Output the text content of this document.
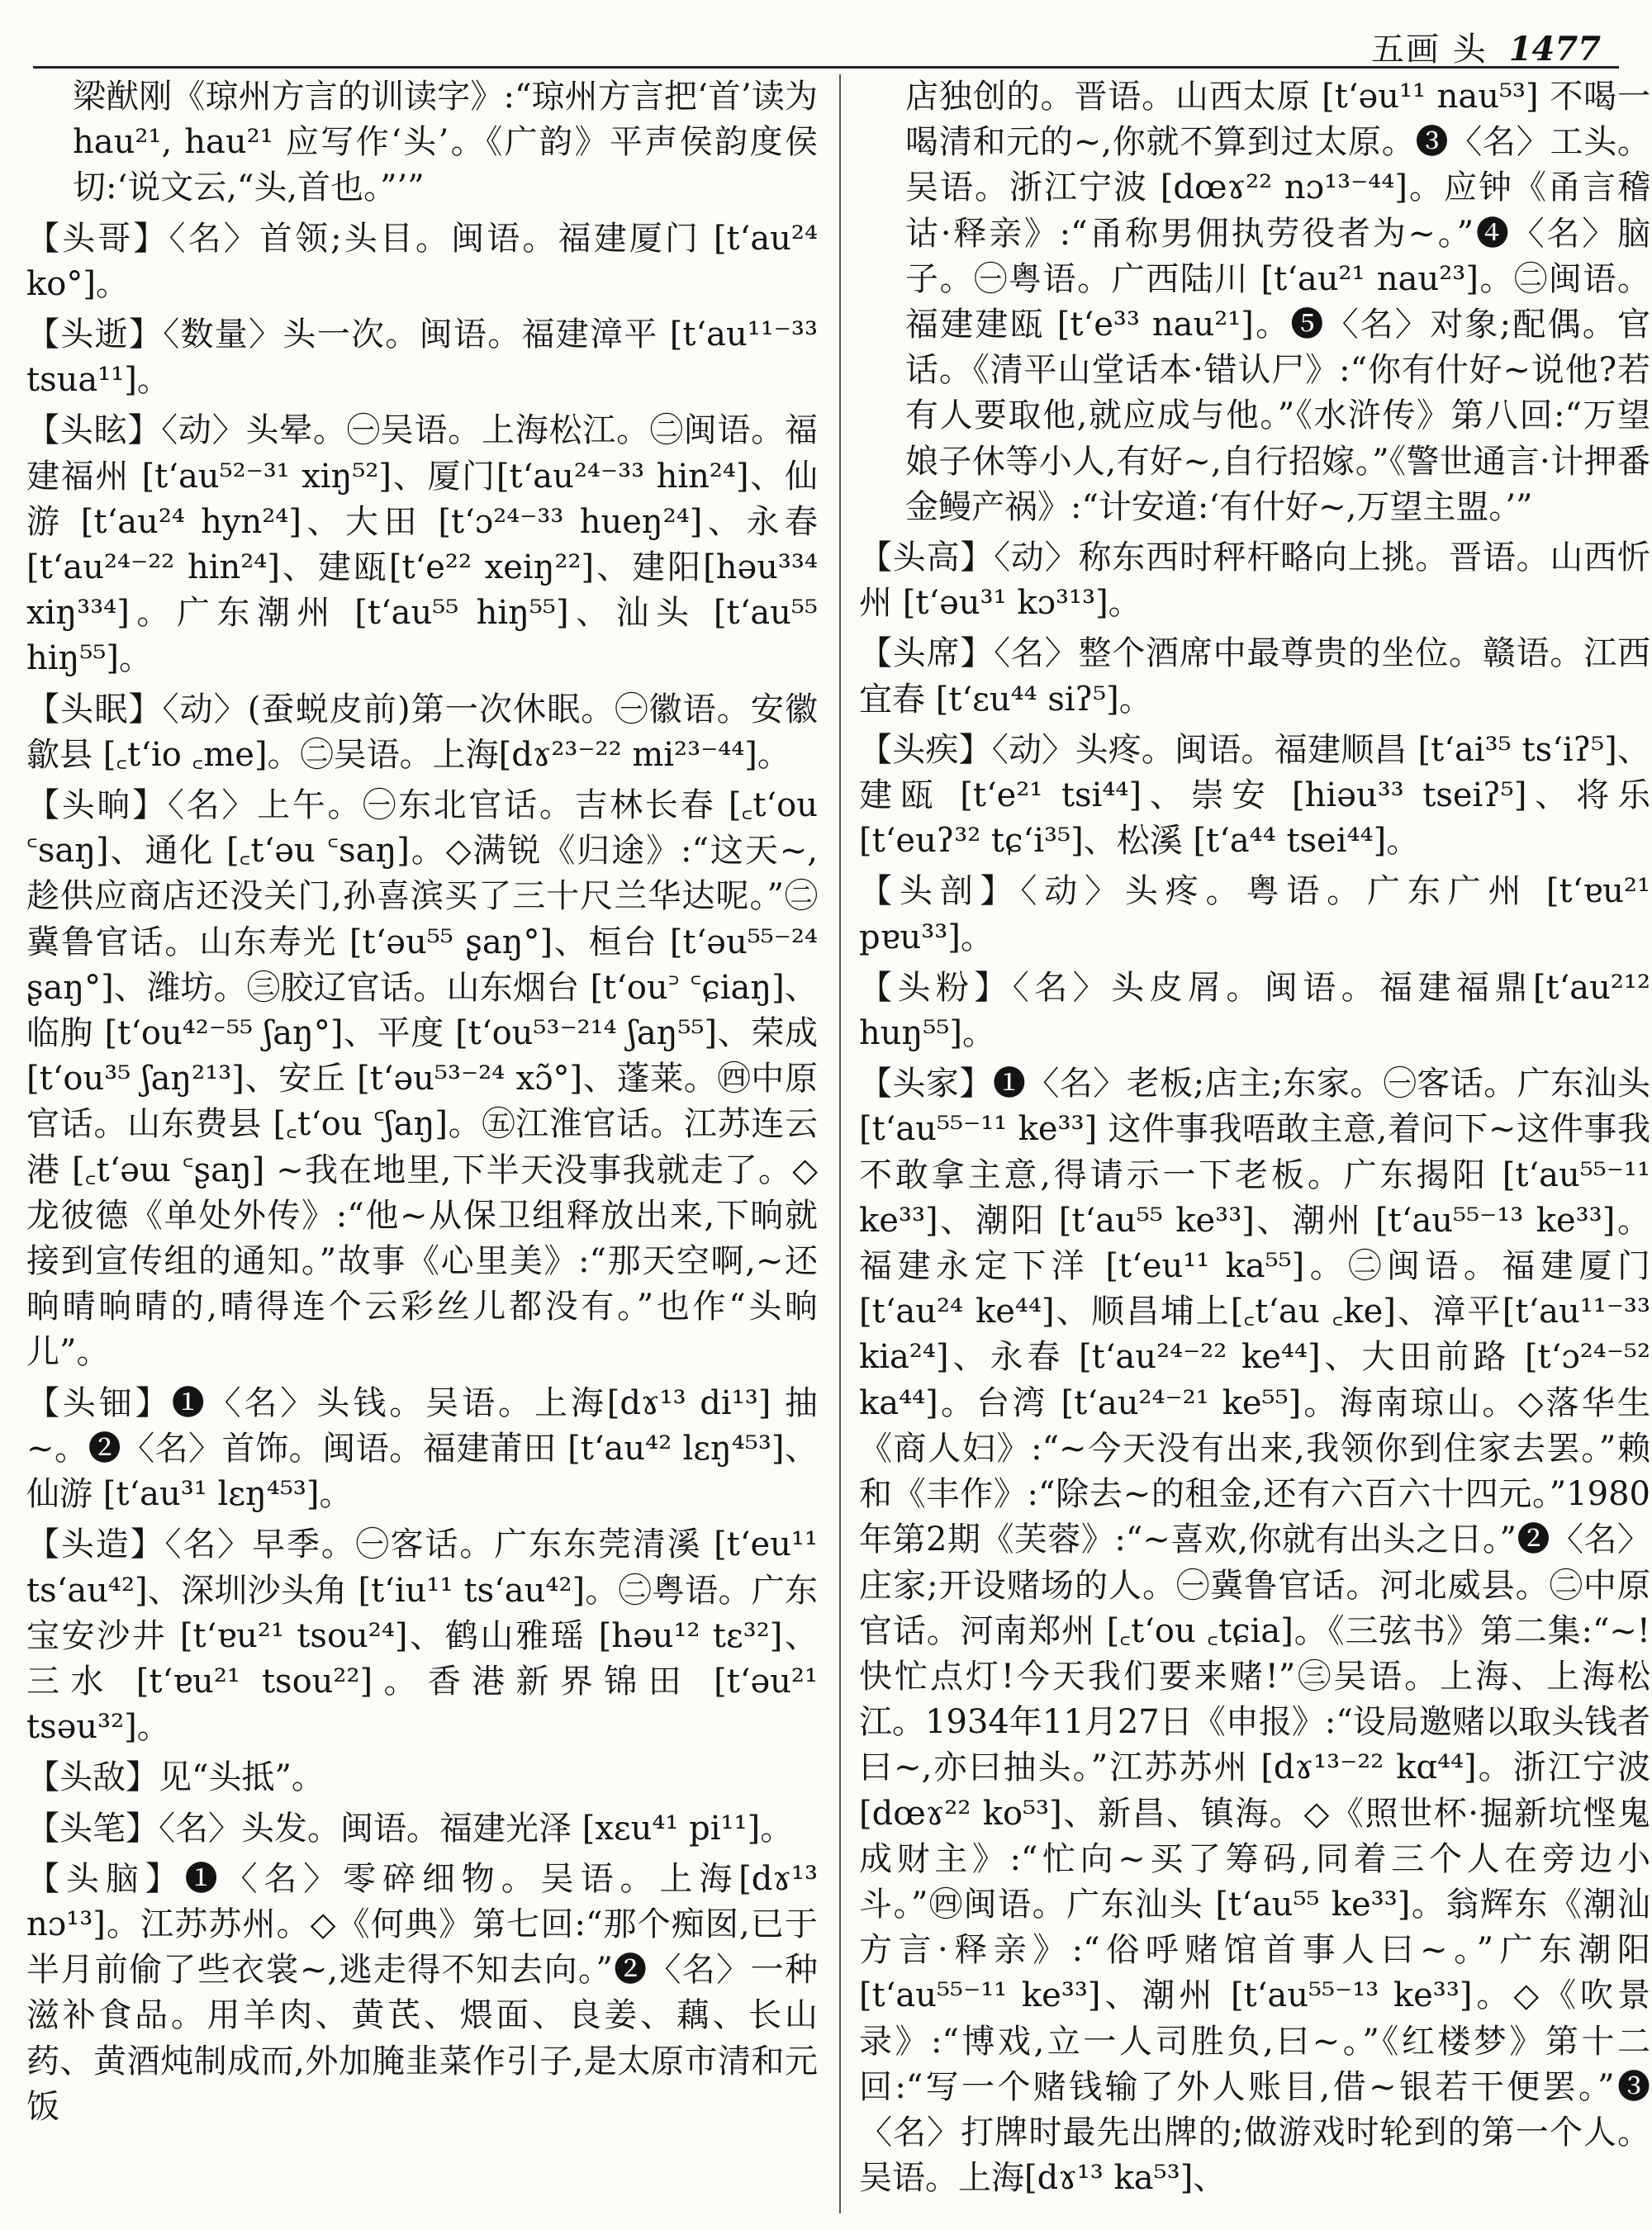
五画 头 1477

梁猷刚《琼州方言的训读字》:“琼州方言把‘首’读为hau²¹, hau²¹ 应写作‘头’。《广韵》平声侯韵度侯切:‘说文云,“头,首也。”’”

【头哥】〈名〉首领;头目。闽语。福建厦门 [tʻau²⁴ ko°]。

【头逝】〈数量〉头一次。闽语。福建漳平 [tʻau¹¹⁻³³ tsua¹¹]。

【头眩】〈动〉头晕。㊀吴语。上海松江。㊁闽语。福建福州 [tʻau⁵²⁻³¹ xiŋ⁵²]、厦门[tʻau²⁴⁻³³ hin²⁴]、仙游 [tʻau²⁴ hyn²⁴]、大田 [tʻɔ²⁴⁻³³ hueŋ²⁴]、永春 [tʻau²⁴⁻²² hin²⁴]、建瓯[tʻe²² xeiŋ²²]、建阳[həu³³⁴ xiŋ³³⁴]。广东潮州 [tʻau⁵⁵ hiŋ⁵⁵]、汕头 [tʻau⁵⁵ hiŋ⁵⁵]。

【头眠】〈动〉(蚕蜕皮前)第一次休眠。㊀徽语。安徽歙县 [꜀tʻio ꜀me]。㊁吴语。上海[dɤ²³⁻²² mi²³⁻⁴⁴]。

【头晌】〈名〉上午。㊀东北官话。吉林长春 [꜀tʻou ꜂saŋ]、通化 [꜀tʻəu ꜂saŋ]。◇满锐《归途》:“这天~,趁供应商店还没关门,孙喜滨买了三十尺兰华达呢。”㊁冀鲁官话。山东寿光 [tʻəu⁵⁵ ʂaŋ°]、桓台 [tʻəu⁵⁵⁻²⁴ ʂaŋ°]、潍坊。㊂胶辽官话。山东烟台 [tʻou꜄ ꜂ɕiaŋ]、临朐 [tʻou⁴²⁻⁵⁵ ʃaŋ°]、平度 [tʻou⁵³⁻²¹⁴ ʃaŋ⁵⁵]、荣成[tʻou³⁵ ʃaŋ²¹³]、安丘 [tʻəu⁵³⁻²⁴ xɔ̃°]、蓬莱。㊃中原官话。山东费县 [꜀tʻou ꜂ʃaŋ]。㊄江淮官话。江苏连云港 [꜀tʻəɯ ꜂ʂaŋ] ~我在地里,下半天没事我就走了。◇龙彼德《单处外传》:“他~从保卫组释放出来,下晌就接到宣传组的通知。”故事《心里美》:“那天空啊,~还晌晴晌晴的,晴得连个云彩丝儿都没有。”也作“头晌儿”。

【头钿】❶〈名〉头钱。吴语。上海[dɤ¹³ di¹³] 抽~。❷〈名〉首饰。闽语。福建莆田 [tʻau⁴² lɛŋ⁴⁵³]、仙游 [tʻau³¹ lɛŋ⁴⁵³]。

【头造】〈名〉早季。㊀客话。广东东莞清溪 [tʻeu¹¹ tsʻau⁴²]、深圳沙头角 [tʻiu¹¹ tsʻau⁴²]。㊁粤语。广东宝安沙井 [tʻɐu²¹ tsou²⁴]、鹤山雅瑶 [həu¹² tɛ³²]、三水 [tʻɐu²¹ tsou²²]。香港新界锦田 [tʻəu²¹ tsəu³²]。

【头敌】见“头抵”。

【头笔】〈名〉头发。闽语。福建光泽 [xɛu⁴¹ pi¹¹]。

【头脑】❶〈名〉零碎细物。吴语。上海[dɤ¹³ nɔ¹³]。江苏苏州。◇《何典》第七回:“那个痴囡,已于半月前偷了些衣裳~,逃走得不知去向。”❷〈名〉一种滋补食品。用羊肉、黄芪、煨面、良姜、藕、长山药、黄酒炖制成而,外加腌韭菜作引子,是太原市清和元饭

店独创的。晋语。山西太原 [tʻəu¹¹ nau⁵³] 不喝一喝清和元的~,你就不算到过太原。❸〈名〉工头。吴语。浙江宁波 [dœɤ²² nɔ¹³⁻⁴⁴]。应钟《甬言稽诂·释亲》:“甬称男佣执劳役者为~。”❹〈名〉脑子。㊀粤语。广西陆川 [tʻau²¹ nau²³]。㊁闽语。福建建瓯 [tʻe³³ nau²¹]。❺〈名〉对象;配偶。官话。《清平山堂话本·错认尸》:“你有什好~说他?若有人要取他,就应成与他。”《水浒传》第八回:“万望娘子休等小人,有好~,自行招嫁。”《警世通言·计押番金鳗产祸》:“计安道:‘有什好~,万望主盟。’”

【头高】〈动〉称东西时秤杆略向上挑。晋语。山西忻州 [tʻəu³¹ kɔ³¹³]。

【头席】〈名〉整个酒席中最尊贵的坐位。赣语。江西宜春 [tʻɛu⁴⁴ siʔ⁵]。

【头疾】〈动〉头疼。闽语。福建顺昌 [tʻai³⁵ tsʻiʔ⁵]、建瓯 [tʻe²¹ tsi⁴⁴]、崇安 [hiəu³³ tseiʔ⁵]、将乐 [tʻeuʔ³² tɕʻi³⁵]、松溪 [tʻa⁴⁴ tsei⁴⁴]。

【头剖】〈动〉头疼。粤语。广东广州 [tʻɐu²¹ pɐu³³]。

【头粉】〈名〉头皮屑。闽语。福建福鼎[tʻau²¹² huŋ⁵⁵]。

【头家】❶〈名〉老板;店主;东家。㊀客话。广东汕头 [tʻau⁵⁵⁻¹¹ ke³³] 这件事我唔敢主意,着问下~这件事我不敢拿主意,得请示一下老板。广东揭阳 [tʻau⁵⁵⁻¹¹ ke³³]、潮阳 [tʻau⁵⁵ ke³³]、潮州 [tʻau⁵⁵⁻¹³ ke³³]。福建永定下洋 [tʻeu¹¹ ka⁵⁵]。㊁闽语。福建厦门 [tʻau²⁴ ke⁴⁴]、顺昌埔上[꜀tʻau ꜀ke]、漳平[tʻau¹¹⁻³³ kia²⁴]、永春 [tʻau²⁴⁻²² ke⁴⁴]、大田前路 [tʻɔ²⁴⁻⁵² ka⁴⁴]。台湾 [tʻau²⁴⁻²¹ ke⁵⁵]。海南琼山。◇落华生《商人妇》:“~今天没有出来,我领你到住家去罢。”赖和《丰作》:“除去~的租金,还有六百六十四元。”1980年第2期《芙蓉》:“~喜欢,你就有出头之日。”❷〈名〉庄家;开设赌场的人。㊀冀鲁官话。河北威县。㊁中原官话。河南郑州 [꜀tʻou ꜀tɕia]。《三弦书》第二集:“~!快忙点灯!今天我们要来赌!”㊂吴语。上海、上海松江。1934年11月27日《申报》:“设局邀赌以取头钱者曰~,亦曰抽头。”江苏苏州 [dɤ¹³⁻²² kɑ⁴⁴]。浙江宁波 [dœɤ²² ko⁵³]、新昌、镇海。◇《照世杯·掘新坑悭鬼成财主》:“忙向~买了筹码,同着三个人在旁边小斗。”㊃闽语。广东汕头 [tʻau⁵⁵ ke³³]。翁辉东《潮汕方言·释亲》:“俗呼赌馆首事人曰~。”广东潮阳 [tʻau⁵⁵⁻¹¹ ke³³]、潮州 [tʻau⁵⁵⁻¹³ ke³³]。◇《吹景录》:“博戏,立一人司胜负,曰~。”《红楼梦》第十二回:“写一个赌钱输了外人账目,借~银若干便罢。”❸〈名〉打牌时最先出牌的;做游戏时轮到的第一个人。吴语。上海[dɤ¹³ ka⁵³]、
